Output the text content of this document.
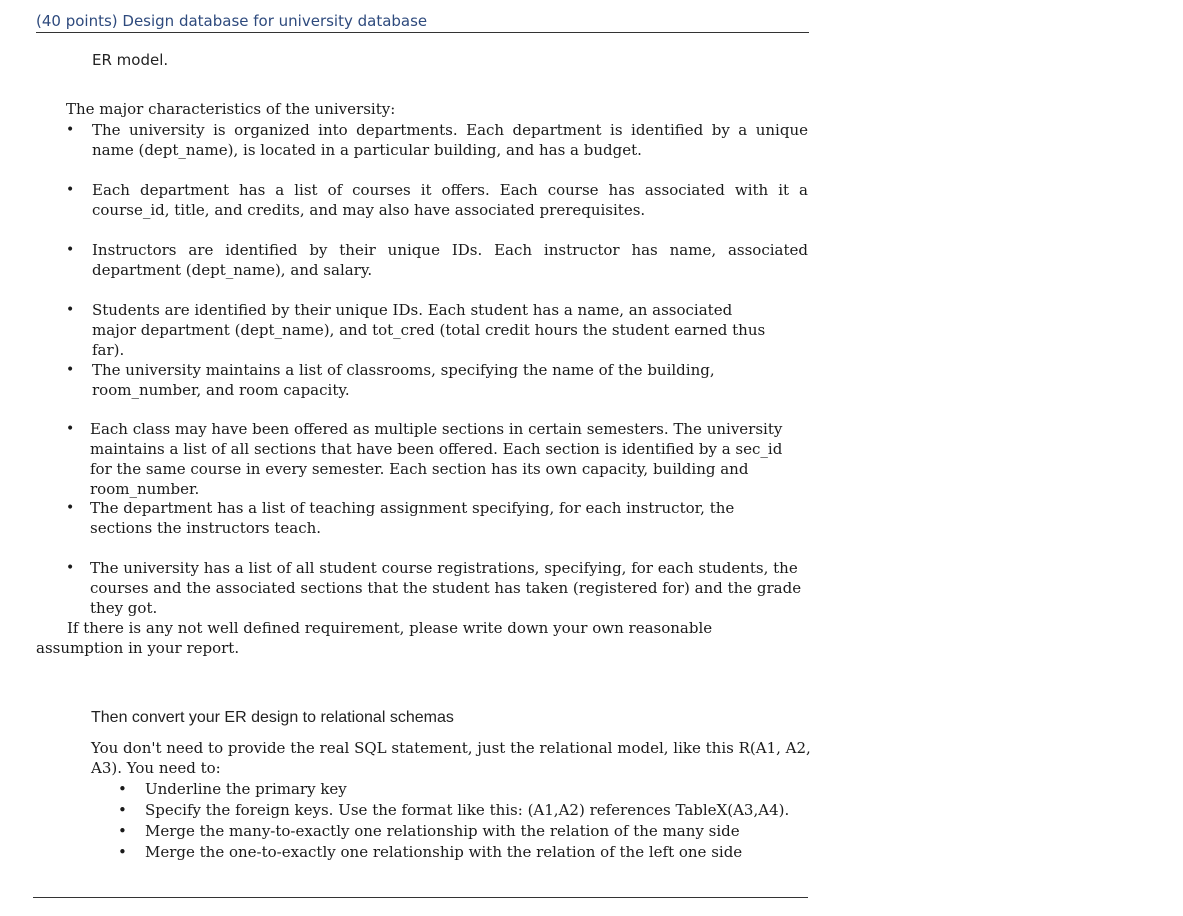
(40 points) Design database for university database
ER model.
The major characteristics of the university:
• The university is organized into departments. Each department is identified by a unique name (dept_name), is located in a particular building, and has a budget.
• Each department has a list of courses it offers. Each course has associated with it a course_id, title, and credits, and may also have associated prerequisites.
• Instructors are identified by their unique IDs. Each instructor has name, associated department (dept_name), and salary.
• Students are identified by their unique IDs. Each student has a name, an associated major department (dept_name), and tot_cred (total credit hours the student earned thus far).
• The university maintains a list of classrooms, specifying the name of the building, room_number, and room capacity.
• Each class may have been offered as multiple sections in certain semesters. The university maintains a list of all sections that have been offered. Each section is identified by a sec_id for the same course in every semester. Each section has its own capacity, building and room_number.
• The department has a list of teaching assignment specifying, for each instructor, the sections the instructors teach.
• The university has a list of all student course registrations, specifying, for each students, the courses and the associated sections that the student has taken (registered for) and the grade they got.
If there is any not well defined requirement, please write down your own reasonable assumption in your report.
Then convert your ER design to relational schemas
You don't need to provide the real SQL statement, just the relational model, like this R(A1, A2, A3). You need to:
• Underline the primary key
• Specify the foreign keys. Use the format like this: (A1,A2) references TableX(A3,A4).
• Merge the many-to-exactly one relationship with the relation of the many side
• Merge the one-to-exactly one relationship with the relation of the left one side
